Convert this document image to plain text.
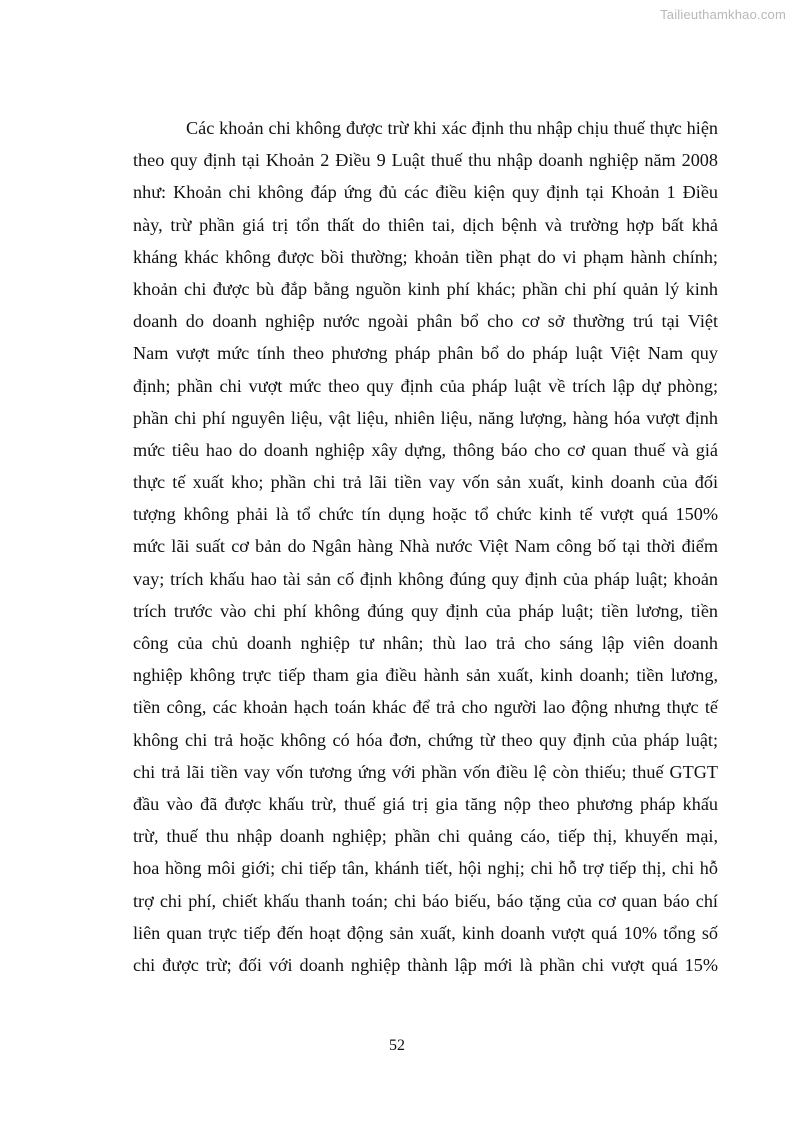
Tailieuthamkhao.com
Các khoản chi không được trừ khi xác định thu nhập chịu thuế thực hiện
theo quy định tại Khoản 2 Điều 9 Luật thuế thu nhập doanh nghiệp năm 2008
như: Khoản chi không đáp ứng đủ các điều kiện quy định tại Khoản 1 Điều
này, trừ phần giá trị tổn thất do thiên tai, dịch bệnh và trường hợp bất khả
kháng khác không được bồi thường; khoản tiền phạt do vi phạm hành chính;
khoản chi được bù đắp bằng nguồn kinh phí khác; phần chi phí quản lý kinh
doanh do doanh nghiệp nước ngoài phân bổ cho cơ sở thường trú tại Việt
Nam vượt mức tính theo phương pháp phân bổ do pháp luật Việt Nam quy
định; phần chi vượt mức theo quy định của pháp luật về trích lập dự phòng;
phần chi phí nguyên liệu, vật liệu, nhiên liệu, năng lượng, hàng hóa vượt định
mức tiêu hao do doanh nghiệp xây dựng, thông báo cho cơ quan thuế và giá
thực tế xuất kho; phần chi trả lãi tiền vay vốn sản xuất, kinh doanh của đối
tượng không phải là tổ chức tín dụng hoặc tổ chức kinh tế vượt quá 150%
mức lãi suất cơ bản do Ngân hàng Nhà nước Việt Nam công bố tại thời điểm
vay; trích khấu hao tài sản cố định không đúng quy định của pháp luật; khoản
trích trước vào chi phí không đúng quy định của pháp luật; tiền lương, tiền
công của chủ doanh nghiệp tư nhân; thù lao trả cho sáng lập viên doanh
nghiệp không trực tiếp tham gia điều hành sản xuất, kinh doanh; tiền lương,
tiền công, các khoản hạch toán khác để trả cho người lao động nhưng thực tế
không chi trả hoặc không có hóa đơn, chứng từ theo quy định của pháp luật;
chi trả lãi tiền vay vốn tương ứng với phần vốn điều lệ còn thiếu; thuế GTGT
đầu vào đã được khấu trừ, thuế giá trị gia tăng nộp theo phương pháp khấu
trừ, thuế thu nhập doanh nghiệp; phần chi quảng cáo, tiếp thị, khuyến mại,
hoa hồng môi giới; chi tiếp tân, khánh tiết, hội nghị; chi hỗ trợ tiếp thị, chi hỗ
trợ chi phí, chiết khấu thanh toán; chi báo biếu, báo tặng của cơ quan báo chí
liên quan trực tiếp đến hoạt động sản xuất, kinh doanh vượt quá 10% tổng số
chi được trừ; đối với doanh nghiệp thành lập mới là phần chi vượt quá 15%
52
